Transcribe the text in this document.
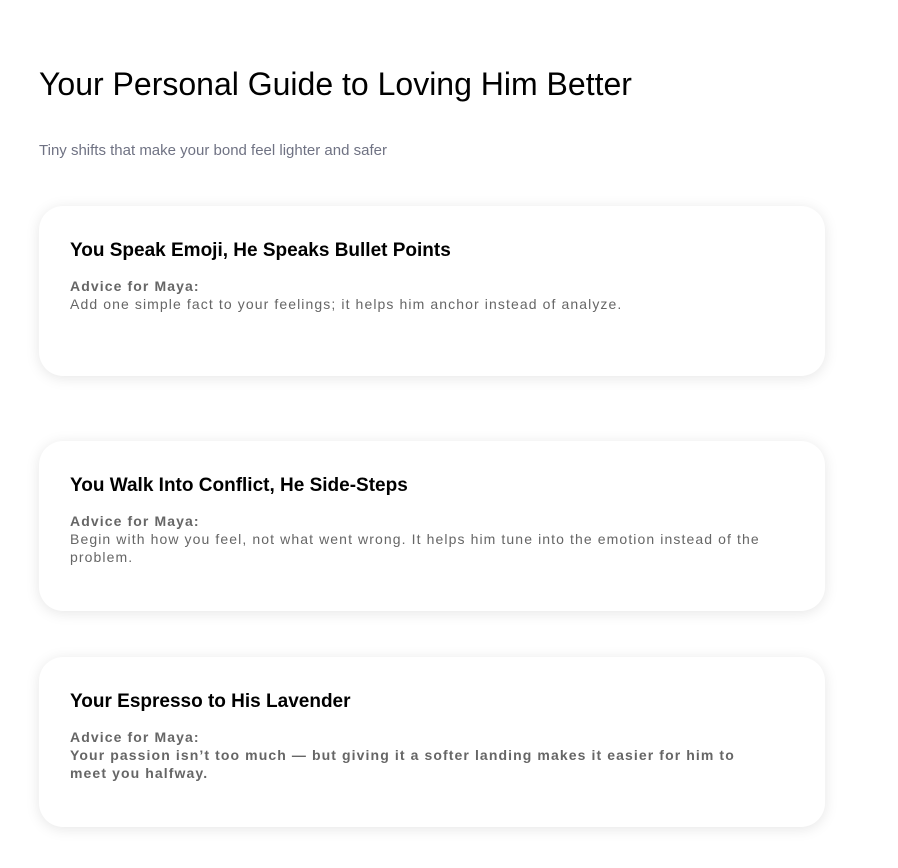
Your Personal Guide to Loving Him Better

Tiny shifts that make your bond feel lighter and safer

You Speak Emoji, He Speaks Bullet Points

Advice for Maya:

Add one simple fact to your feelings; it helps him anchor instead of analyze.

You Walk Into Conflict, He Side-Steps

Advice for Maya:

Begin with how you feel, not what went wrong. It helps him tune into the emotion instead of the problem.

Your Espresso to His Lavender

Advice for Maya:

Your passion isn’t too much — but giving it a softer landing makes it easier for him to meet you halfway.
